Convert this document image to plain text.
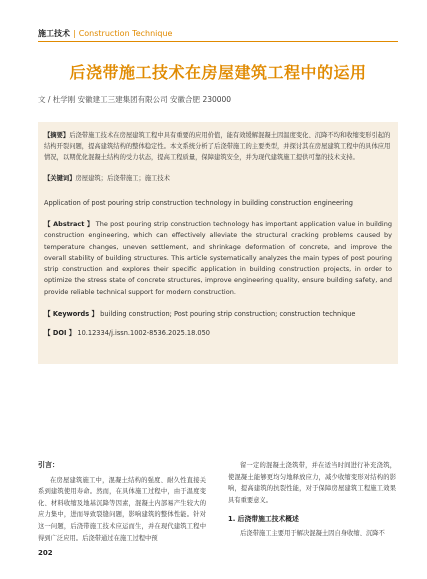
施工技术 | Construction Technique
后浇带施工技术在房屋建筑工程中的运用
文 / 杜学刚 安徽建工三建集团有限公司 安徽合肥 230000

【摘要】后浇带施工技术在房屋建筑工程中具有重要的应用价值，能有效缓解混凝土因温度变化、沉降不均和收缩变形引起的结构开裂问题，提高建筑结构的整体稳定性。本文系统分析了后浇带施工的主要类型，并探讨其在房屋建筑工程中的具体应用情况，以期优化混凝土结构的受力状态，提高工程质量，保障建筑安全，并为现代建筑施工提供可靠的技术支持。

【关键词】房屋建筑；后浇带施工；施工技术

Application of post pouring strip construction technology in building construction engineering

【 Abstract 】 The post pouring strip construction technology has important application value in building construction engineering, which can effectively alleviate the structural cracking problems caused by temperature changes, uneven settlement, and shrinkage deformation of concrete, and improve the overall stability of building structures. This article systematically analyzes the main types of post pouring strip construction and explores their specific application in building construction projects, in order to optimize the stress state of concrete structures, improve engineering quality, ensure building safety, and provide reliable technical support for modern construction.

【 Keywords 】 building construction; Post pouring strip construction; construction technique

【 DOI 】 10.12334/j.issn.1002-8536.2025.18.050

引言：

在房屋建筑施工中，混凝土结构的强度、耐久性直接关系到建筑使用寿命。然而，在具体施工过程中，由于温度变化、材料收缩及地基沉降等因素，混凝土内部易产生较大的应力集中，进而导致裂缝问题，影响建筑的整体性能。针对这一问题，后浇带施工技术应运而生，并在现代建筑工程中得到广泛应用。后浇带通过在施工过程中预

留一定的混凝土浇筑带，并在适当时间进行补充浇筑，使混凝土能够更均匀地释放应力，减少收缩变形对结构的影响，提高建筑的抗裂性能，对于保障房屋建筑工程施工效果具有重要意义。

1. 后浇带施工技术概述

后浇带施工主要用于解决混凝土因自身收缩、沉降不

202
